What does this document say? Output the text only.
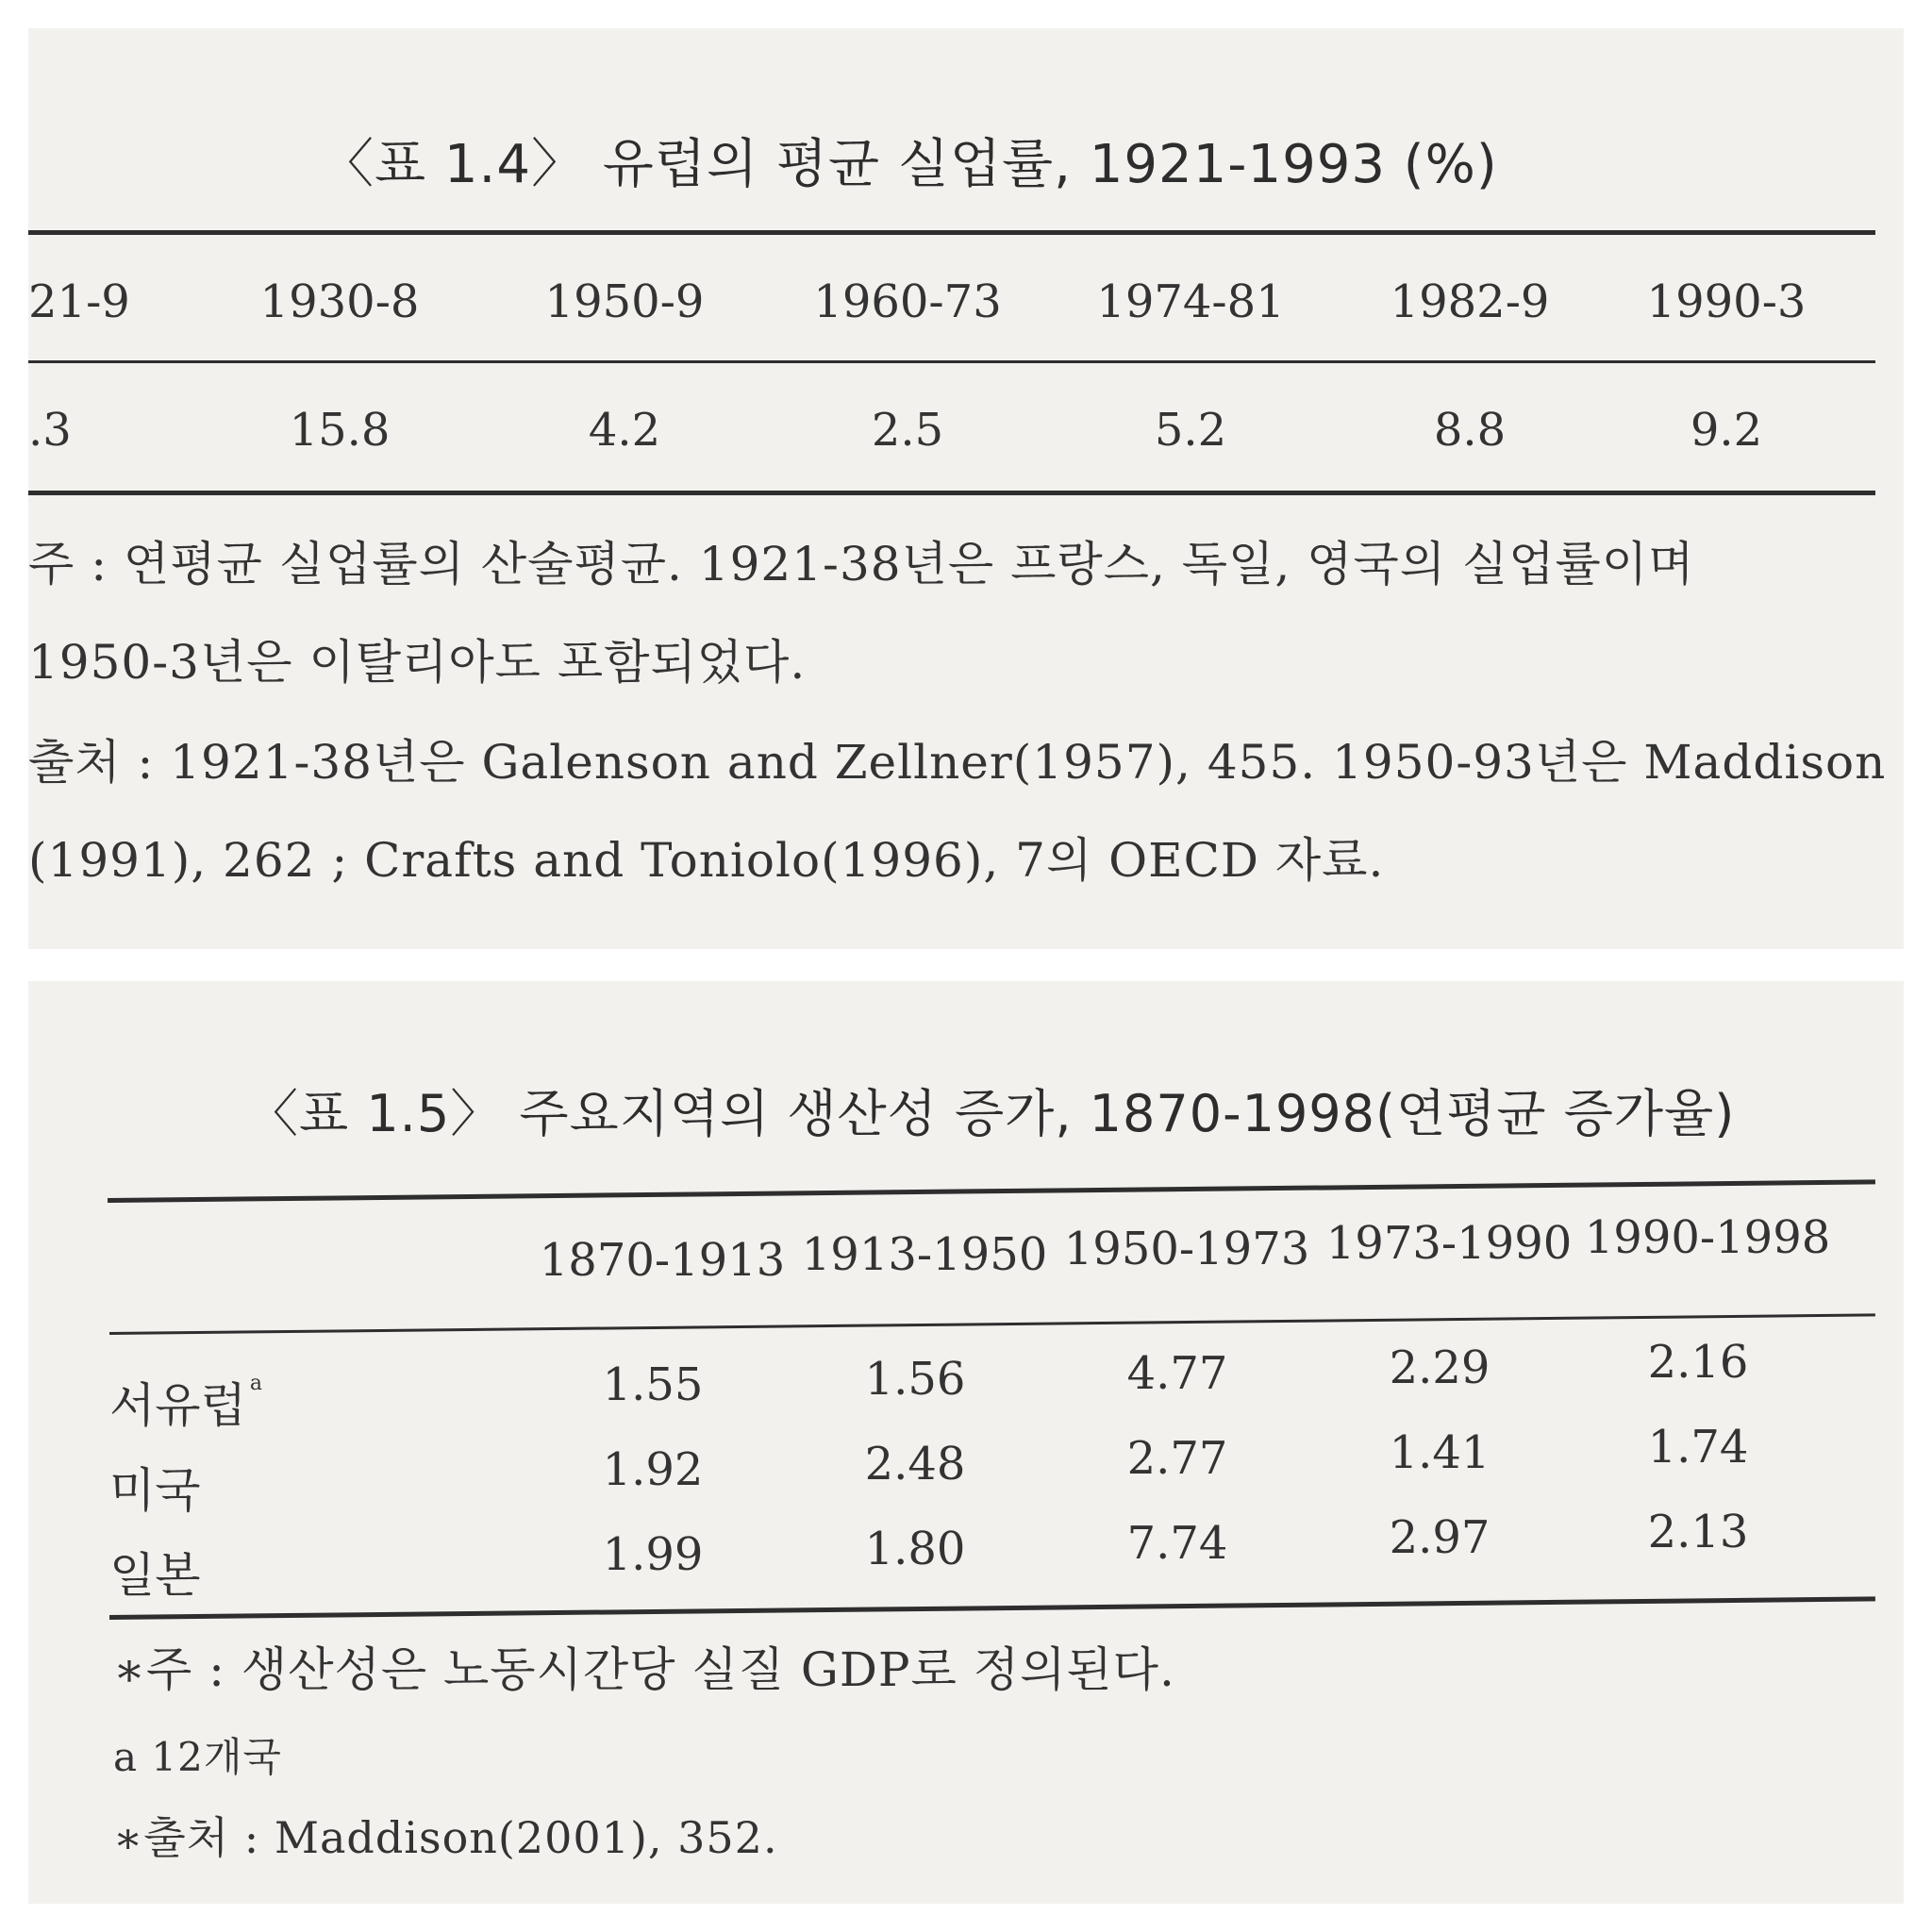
〈표 1.4〉 유럽의 평균 실업률, 1921-1993 (%)
21-9	1930-8	1950-9 1960-73 1974-81 1982-9 1990-3
.3	15.8	4.2	2.5	5.2	8.8	9.2
주 : 연평균 실업률의 산술평균. 1921-38년은 프랑스, 독일, 영국의 실업률이며
1950-3년은 이탈리아도 포함되었다.
출처 : 1921-38년은 Galenson and Zellner(1957), 455. 1950-93년은 Maddison
(1991), 262 ; Crafts and Toniolo(1996), 7의 OECD 자료.
〈표 1.5〉 주요지역의 생산성 증가, 1870-1998(연평균 증가율)
1870-1913 1913-1950 1950-1973 1973-1990 1990-1998
서유럽 $^a$	1.55	1.56	4.77	2.29	2.16
미국	1.92	2.48	2.77	1.41	1.74
일본	1.99	1.80	7.74	2.97	2.13
∗주 : 생산성은 노동시간당 실질 GDP로 정의된다.
a 12개국
∗출처 : Maddison(2001), 352.
